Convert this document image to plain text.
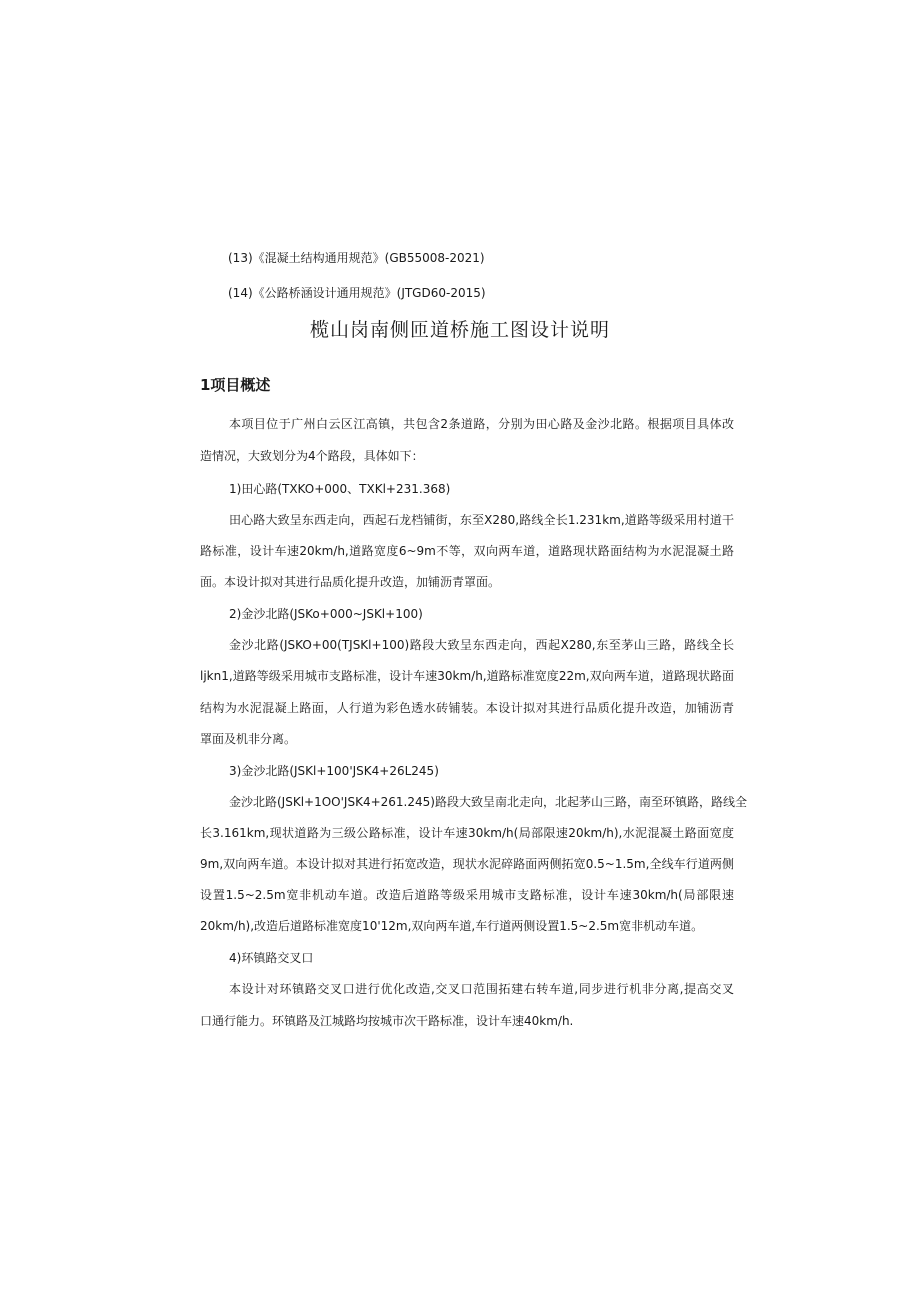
(13)《混凝土结构通用规范》(GB55008-2021)
(14)《公路桥涵设计通用规范》(JTGD60-2015)
榄山岗南侧匝道桥施工图设计说明
1项目概述
本项目位于广州白云区江高镇，共包含2条道路，分别为田心路及金沙北路。根据项目具体改
造情况，大致划分为4个路段，具体如下：
1)田心路(TXKO+000、TXKl+231.368)
田心路大致呈东西走向，西起石龙档铺街，东至X280,路线全长1.231km,道路等级采用村道干
路标准，设计车速20km/h,道路宽度6~9m不等，双向两车道，道路现状路面结构为水泥混凝土路
面。本设计拟对其进行品质化提升改造，加铺沥青罩面。
2)金沙北路(JSKo+000~JSKl+100)
金沙北路(JSKO+00(TJSKl+100)路段大致呈东西走向，西起X280,东至茅山三路，路线全长
ljkn1,道路等级采用城市支路标准，设计车速30km/h,道路标准宽度22m,双向两车道，道路现状路面
结构为水泥混凝上路面，人行道为彩色透水砖铺装。本设计拟对其进行品质化提升改造，加铺沥青
罩面及机非分离。
3)金沙北路(JSKl+100'JSK4+26L245)
金沙北路(JSKl+1OO'JSK4+261.245)路段大致呈南北走向，北起茅山三路，南至环镇路，路线全
长3.161km,现状道路为三级公路标准，设计车速30km/h(局部限速20km/h),水泥混凝土路面宽度
9m,双向两车道。本设计拟对其进行拓宽改造，现状水泥碎路面两侧拓宽0.5~1.5m,全线车行道两侧
设置1.5~2.5m宽非机动车道。改造后道路等级采用城市支路标准，设计车速30km/h(局部限速
20km/h),改造后道路标准宽度10'12m,双向两车道,车行道两侧设置1.5~2.5m宽非机动车道。
4)环镇路交叉口
本设计对环镇路交叉口进行优化改造,交叉口范围拓建右转车道,同步进行机非分离,提高交叉
口通行能力。环镇路及江城路均按城市次干路标准，设计车速40km/h.
